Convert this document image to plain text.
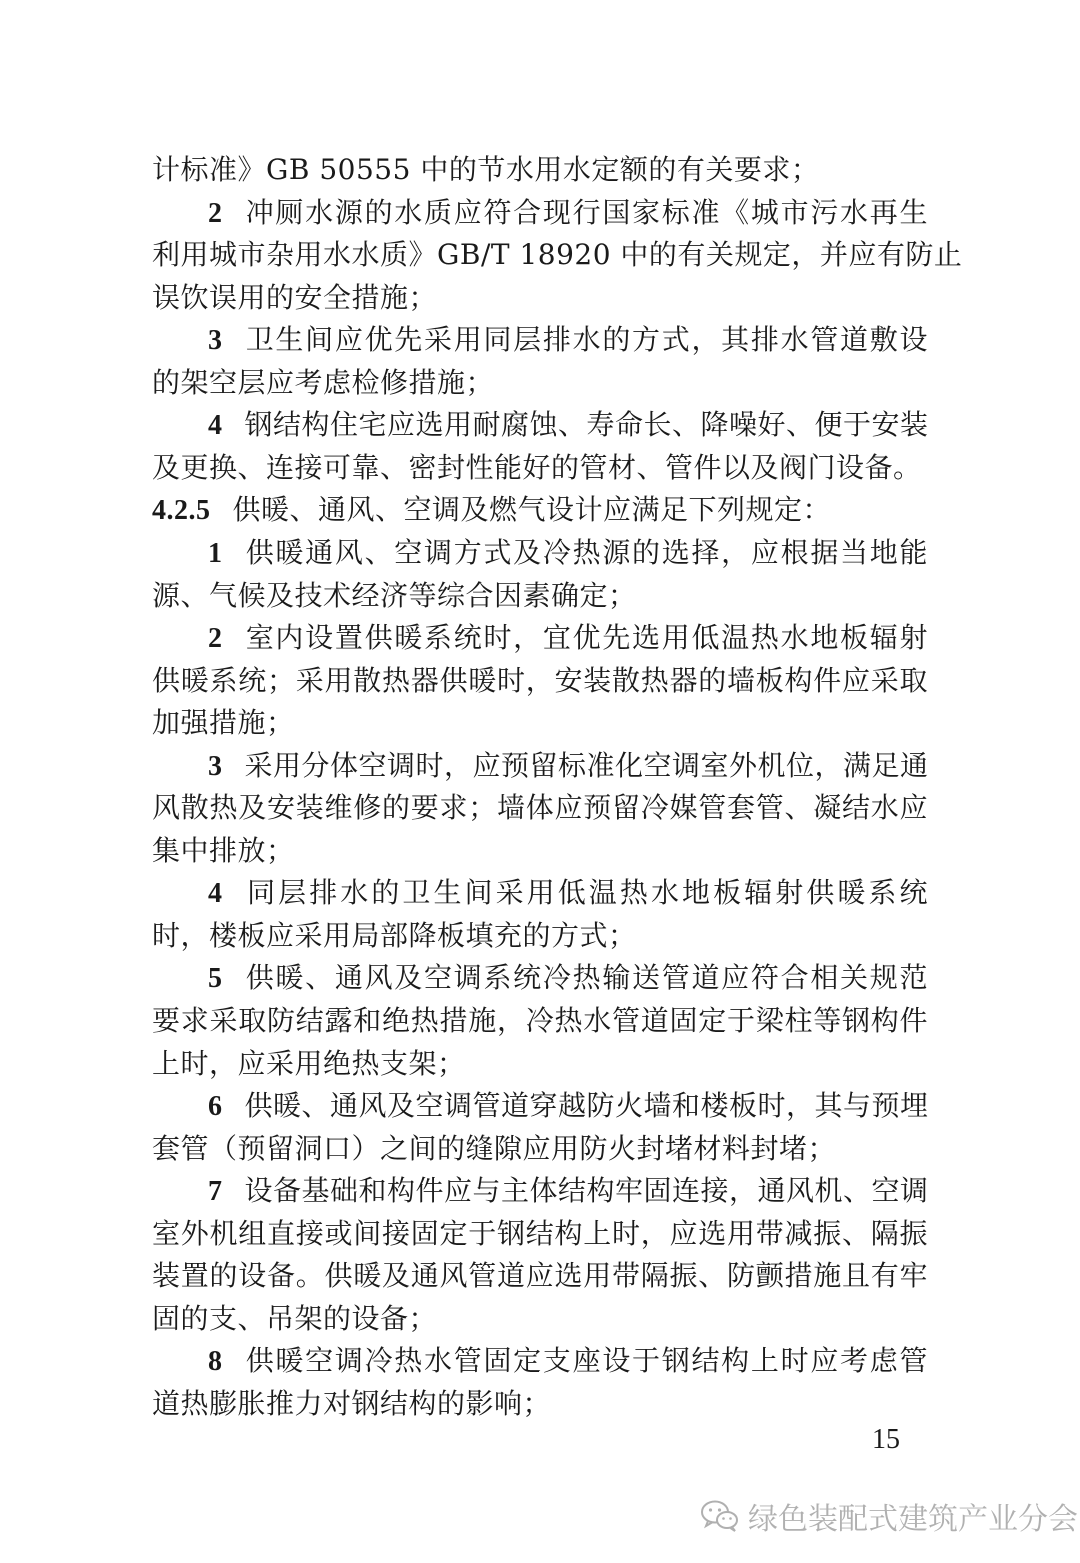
计标准》GB 50555 中的节水用水定额的有关要求；
2 冲厕水源的水质应符合现行国家标准《城市污水再生
利用城市杂用水水质》GB/T 18920 中的有关规定，并应有防止
误饮误用的安全措施；
3 卫生间应优先采用同层排水的方式，其排水管道敷设
的架空层应考虑检修措施；
4 钢结构住宅应选用耐腐蚀、寿命长、降噪好、便于安装
及更换、连接可靠、密封性能好的管材、管件以及阀门设备。
4.2.5 供暖、通风、空调及燃气设计应满足下列规定：
1 供暖通风、空调方式及冷热源的选择，应根据当地能
源、气候及技术经济等综合因素确定；
2 室内设置供暖系统时，宜优先选用低温热水地板辐射
供暖系统；采用散热器供暖时，安装散热器的墙板构件应采取
加强措施；
3 采用分体空调时，应预留标准化空调室外机位，满足通
风散热及安装维修的要求；墙体应预留冷媒管套管、凝结水应
集中排放；
4 同层排水的卫生间采用低温热水地板辐射供暖系统
时，楼板应采用局部降板填充的方式；
5 供暖、通风及空调系统冷热输送管道应符合相关规范
要求采取防结露和绝热措施，冷热水管道固定于梁柱等钢构件
上时，应采用绝热支架；
6 供暖、通风及空调管道穿越防火墙和楼板时，其与预埋
套管（预留洞口）之间的缝隙应用防火封堵材料封堵；
7 设备基础和构件应与主体结构牢固连接，通风机、空调
室外机组直接或间接固定于钢结构上时，应选用带减振、隔振
装置的设备。供暖及通风管道应选用带隔振、防颤措施且有牢
固的支、吊架的设备；
8 供暖空调冷热水管固定支座设于钢结构上时应考虑管
道热膨胀推力对钢结构的影响；
15
绿色装配式建筑产业分会
